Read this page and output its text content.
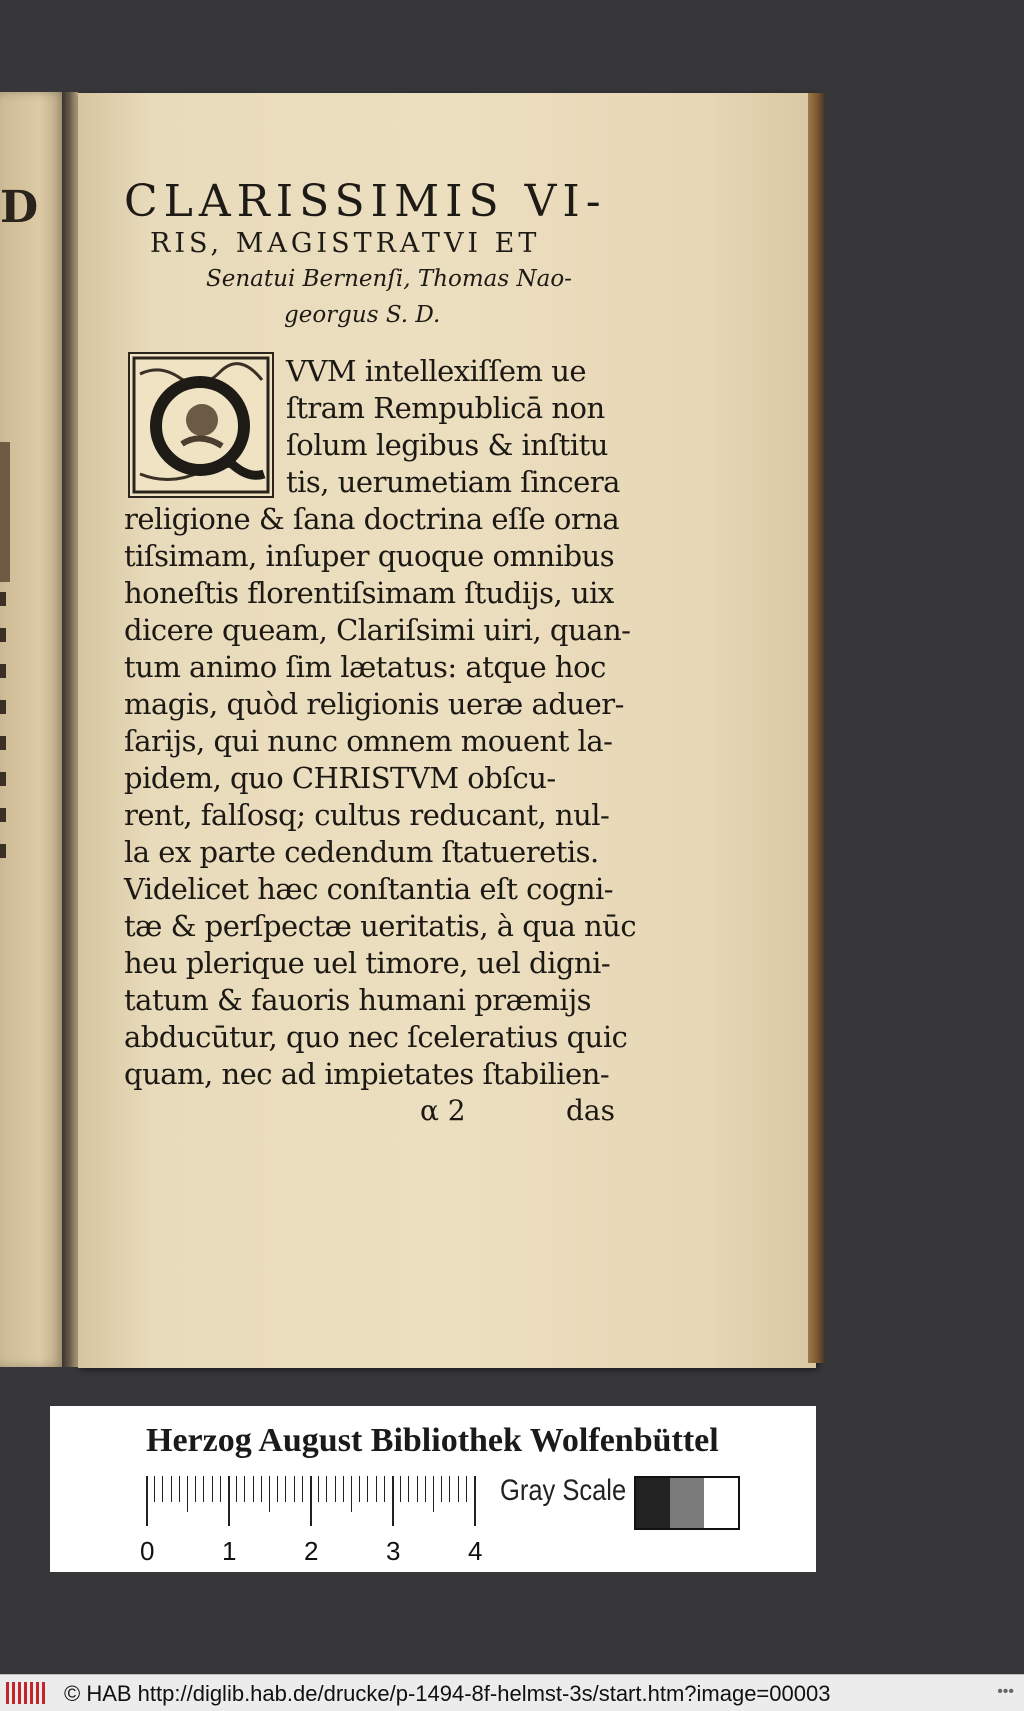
D CLARISSIMIS VI-
RIS, MAGISTRATVI ET
Senatui Bernenſi, Thomas Nao-
georgus S. D.
VVM intellexiſſem ue
ſtram Rempublicā non
ſolum legibus & inſtitu
tis, uerumetiam ſincera
religione & ſana doctrina eſſe orna
tiſsimam, inſuper quoque omnibus
honeſtis florentiſsimam ſtudijs, uix
dicere queam, Clariſsimi uiri, quan-
tum animo ſim lætatus: atque hoc
magis, quòd religionis ueræ aduer-
ſarijs, qui nunc omnem mouent la-
pidem, quo CHRISTVM obſcu-
rent, falſosq; cultus reducant, nul-
la ex parte cedendum ſtatueretis.
Videlicet hæc conſtantia eſt cogni-
tæ & perſpectæ ueritatis, à qua nūc
heu plerique uel timore, uel digni-
tatum & fauoris humani præmijs
abducūtur, quo nec ſceleratius quic
quam, nec ad impietates ſtabilien-
α 2	das
Herzog August Bibliothek Wolfenbüttel
0	1	2	3	4
Gray Scale
© HAB http://diglib.hab.de/drucke/p-1494-8f-helmst-3s/start.htm?image=00003	•••
